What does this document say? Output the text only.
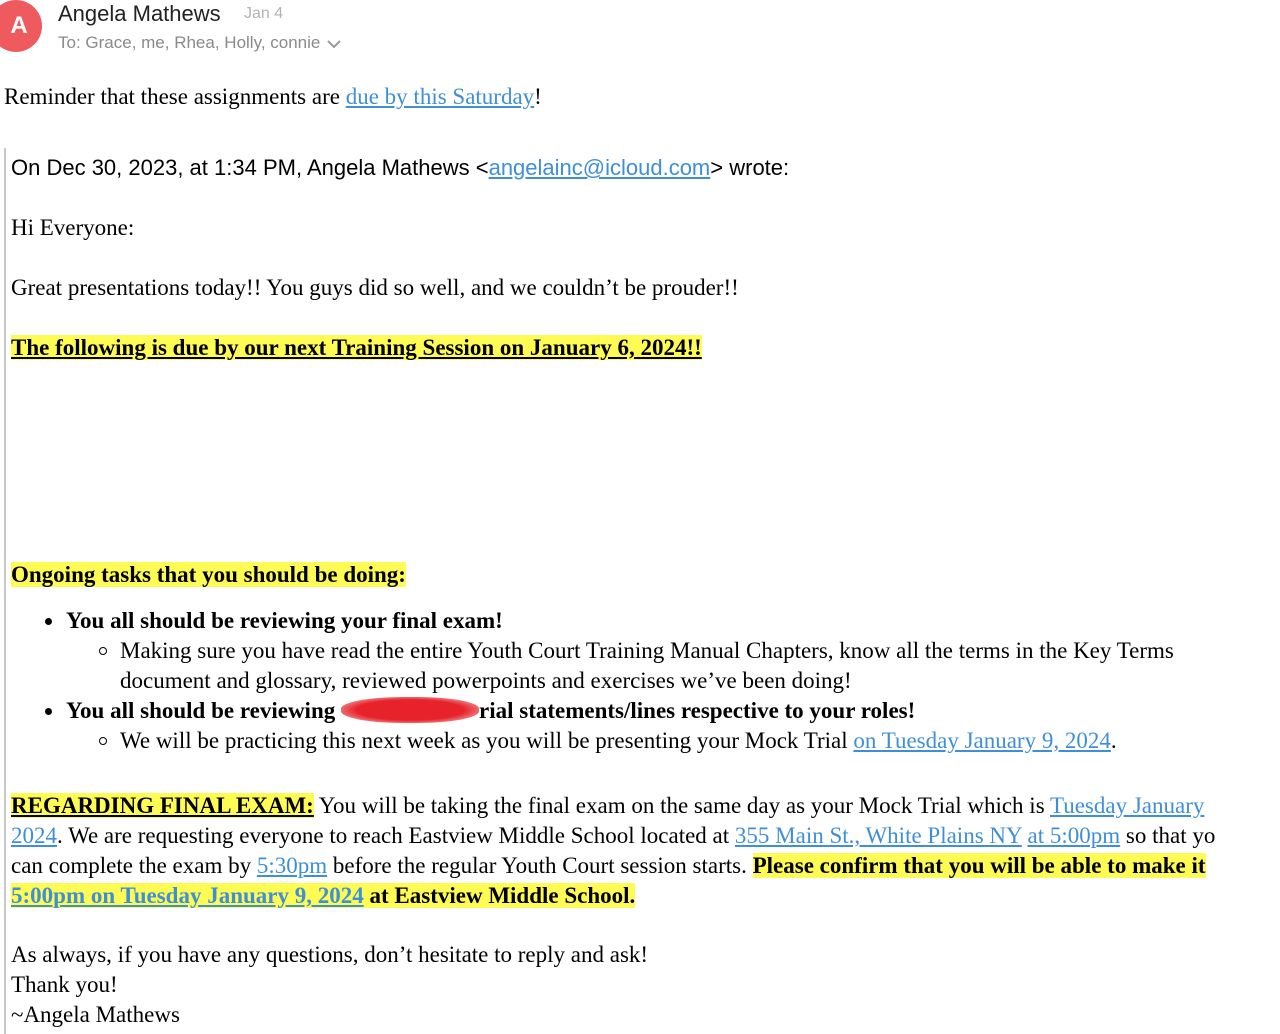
A	Angela Mathews Jan 4
To: Grace, me, Rhea, Holly, connie
Reminder that these assignments are due by this Saturday!
On Dec 30, 2023, at 1:34 PM, Angela Mathews <angelainc@icloud.com> wrote:
Hi Everyone:
Great presentations today!! You guys did so well, and we couldn’t be prouder!!
The following is due by our next Training Session on January 6, 2024!!
Ongoing tasks that you should be doing:
You all should be reviewing your final exam!
Making sure you have read the entire Youth Court Training Manual Chapters, know all the terms in the Key Terms
document and glossary, reviewed powerpoints and exercises we’ve been doing!
You all should be reviewing	rial statements/lines respective to your roles!
We will be practicing this next week as you will be presenting your Mock Trial on Tuesday January 9, 2024.
REGARDING FINAL EXAM: You will be taking the final exam on the same day as your Mock Trial which is Tuesday January
2024. We are requesting everyone to reach Eastview Middle School located at 355 Main St., White Plains NY at 5:00pm so that yo
can complete the exam by 5:30pm before the regular Youth Court session starts. Please confirm that you will be able to make it
5:00pm on Tuesday January 9, 2024 at Eastview Middle School.
As always, if you have any questions, don’t hesitate to reply and ask!
Thank you!
~Angela Mathews
